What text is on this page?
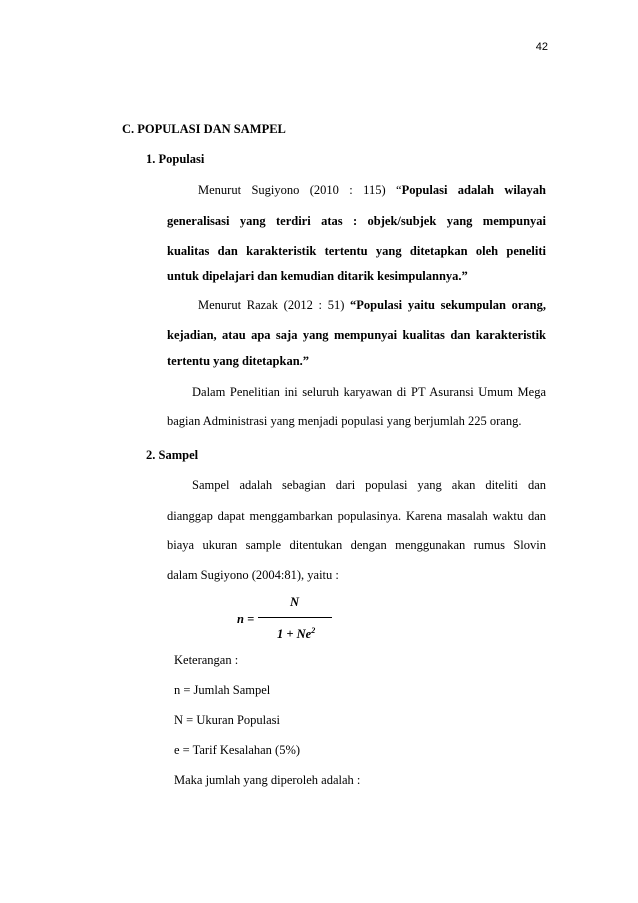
42
C. POPULASI DAN SAMPEL
1. Populasi
Menurut Sugiyono (2010 : 115) “Populasi adalah wilayah
generalisasi yang terdiri atas : objek/subjek yang mempunyai
kualitas dan karakteristik tertentu yang ditetapkan oleh peneliti
untuk dipelajari dan kemudian ditarik kesimpulannya.”
Menurut Razak (2012 : 51) “Populasi yaitu sekumpulan orang,
kejadian, atau apa saja yang mempunyai kualitas dan karakteristik
tertentu yang ditetapkan.”
Dalam Penelitian ini seluruh karyawan di PT Asuransi Umum Mega
bagian Administrasi yang menjadi populasi yang berjumlah 225 orang.
2. Sampel
Sampel adalah sebagian dari populasi yang akan diteliti dan
dianggap dapat menggambarkan populasinya. Karena masalah waktu dan
biaya ukuran sample ditentukan dengan menggunakan rumus Slovin
dalam Sugiyono (2004:81), yaitu :
n =
N
$1 + Ne^2$
Keterangan :
n = Jumlah Sampel
N = Ukuran Populasi
e = Tarif Kesalahan (5%)
Maka jumlah yang diperoleh adalah :
